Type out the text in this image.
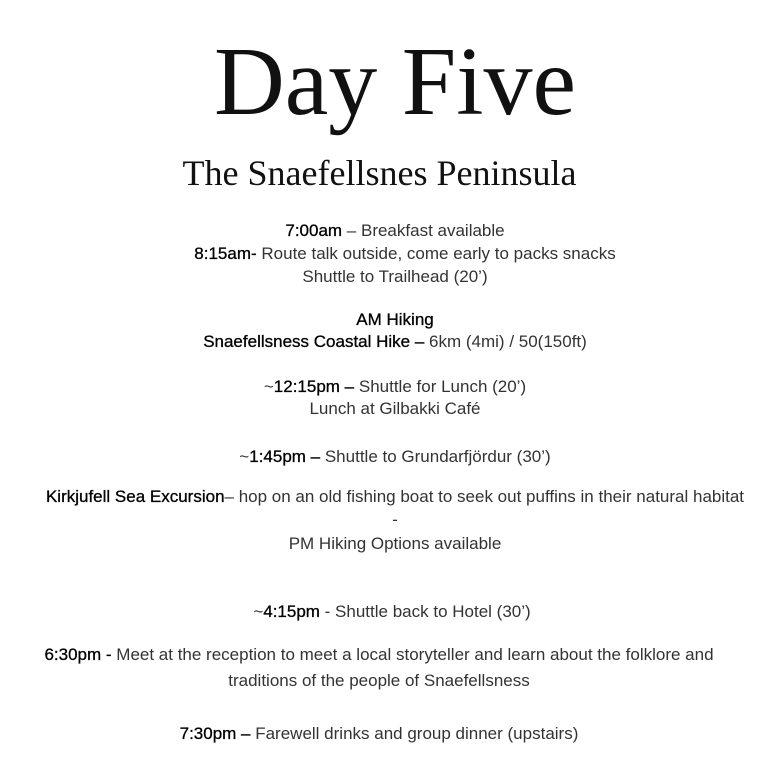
Day Five
The Snaefellsnes Peninsula
7:00am – Breakfast available
8:15am- Route talk outside, come early to packs snacks
Shuttle to Trailhead (20’)
AM Hiking
Snaefellsness Coastal Hike – 6km (4mi) / 50(150ft)
~12:15pm – Shuttle for Lunch (20’)
Lunch at Gilbakki Café
~1:45pm – Shuttle to Grundarfjördur (30’)
Kirkjufell Sea Excursion– hop on an old fishing boat to seek out puffins in their natural habitat
-
PM Hiking Options available
~4:15pm - Shuttle back to Hotel (30’)
6:30pm - Meet at the reception to meet a local storyteller and learn about the folklore and
traditions of the people of Snaefellsness
7:30pm – Farewell drinks and group dinner (upstairs)
